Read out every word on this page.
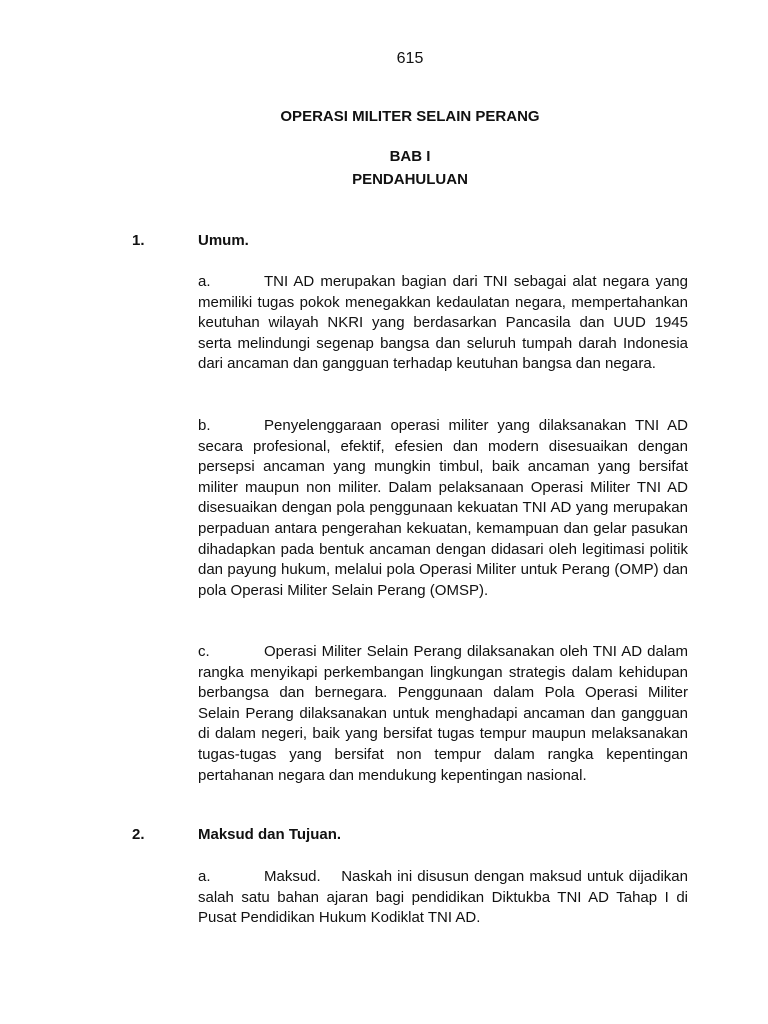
615
OPERASI MILITER SELAIN PERANG
BAB I
PENDAHULUAN
1.	Umum.
a.	TNI AD merupakan bagian dari TNI sebagai alat negara yang memiliki tugas pokok menegakkan kedaulatan negara, mempertahankan keutuhan wilayah NKRI yang berdasarkan Pancasila dan UUD 1945 serta melindungi segenap bangsa dan seluruh tumpah darah Indonesia dari ancaman dan gangguan terhadap keutuhan bangsa dan negara.
b.	Penyelenggaraan operasi militer yang dilaksanakan TNI AD secara profesional, efektif, efesien dan modern disesuaikan dengan persepsi ancaman yang mungkin timbul, baik ancaman yang bersifat militer maupun non militer. Dalam pelaksanaan Operasi Militer TNI AD disesuaikan dengan pola penggunaan kekuatan TNI AD yang merupakan perpaduan antara pengerahan kekuatan, kemampuan dan gelar pasukan dihadapkan pada bentuk ancaman dengan didasari oleh legitimasi politik dan payung hukum, melalui pola Operasi Militer untuk Perang (OMP) dan pola Operasi Militer Selain Perang (OMSP).
c.	Operasi Militer Selain Perang dilaksanakan oleh TNI AD dalam rangka menyikapi perkembangan lingkungan strategis dalam kehidupan berbangsa dan bernegara. Penggunaan dalam Pola Operasi Militer Selain Perang dilaksanakan untuk menghadapi ancaman dan gangguan di dalam negeri, baik yang bersifat tugas tempur maupun melaksanakan tugas-tugas yang bersifat non tempur dalam rangka kepentingan pertahanan negara dan mendukung kepentingan nasional.
2.	Maksud dan Tujuan.
a.	Maksud.    Naskah ini disusun dengan maksud untuk dijadikan salah satu bahan ajaran bagi pendidikan Diktukba TNI AD Tahap I di Pusat Pendidikan Hukum Kodiklat TNI AD.
